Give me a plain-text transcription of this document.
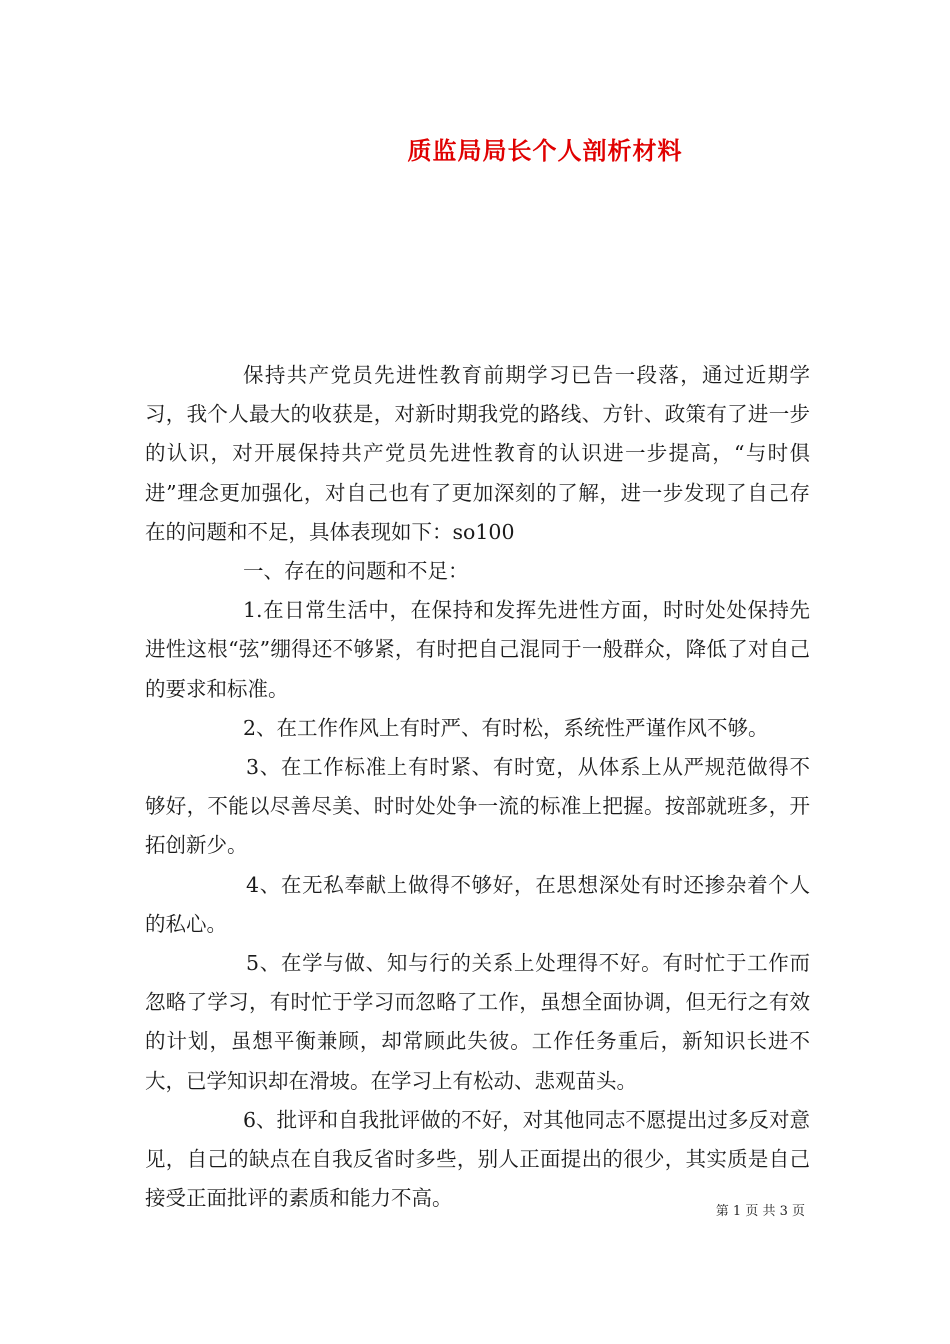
质监局局长个人剖析材料

保持共产党员先进性教育前期学习已告一段落，通过近期学习，我个人最大的收获是，对新时期我党的路线、方针、政策有了进一步的认识，对开展保持共产党员先进性教育的认识进一步提高，“与时俱进”理念更加强化，对自己也有了更加深刻的了解，进一步发现了自己存在的问题和不足，具体表现如下：so100

一、存在的问题和不足：

1.在日常生活中，在保持和发挥先进性方面，时时处处保持先进性这根“弦”绷得还不够紧，有时把自己混同于一般群众，降低了对自己的要求和标准。

2、在工作作风上有时严、有时松，系统性严谨作风不够。

3、在工作标准上有时紧、有时宽，从体系上从严规范做得不够好，不能以尽善尽美、时时处处争一流的标准上把握。按部就班多，开拓创新少。

4、在无私奉献上做得不够好，在思想深处有时还掺杂着个人的私心。

5、在学与做、知与行的关系上处理得不好。有时忙于工作而忽略了学习，有时忙于学习而忽略了工作，虽想全面协调，但无行之有效的计划，虽想平衡兼顾，却常顾此失彼。工作任务重后，新知识长进不大，已学知识却在滑坡。在学习上有松动、悲观苗头。

6、批评和自我批评做的不好，对其他同志不愿提出过多反对意见，自己的缺点在自我反省时多些，别人正面提出的很少，其实质是自己接受正面批评的素质和能力不高。

第 1 页 共 3 页
